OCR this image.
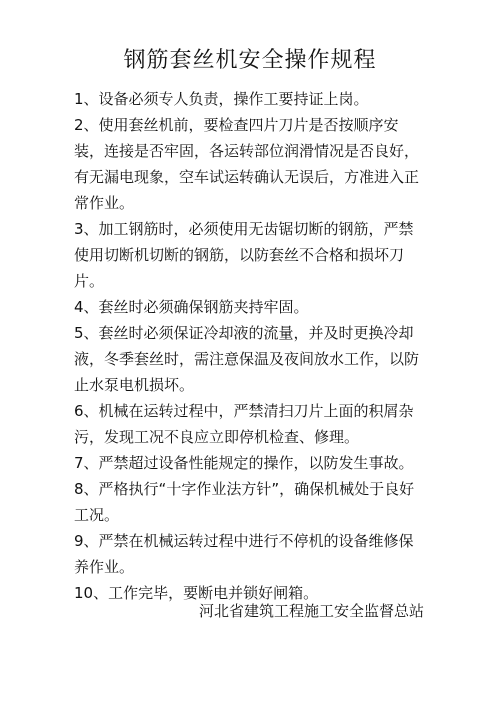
钢筋套丝机安全操作规程

1、设备必须专人负责，操作工要持证上岗。

2、使用套丝机前，要检查四片刀片是否按顺序安装，连接是否牢固，各运转部位润滑情况是否良好，有无漏电现象，空车试运转确认无误后，方准进入正常作业。

3、加工钢筋时，必须使用无齿锯切断的钢筋，严禁使用切断机切断的钢筋，以防套丝不合格和损坏刀片。

4、套丝时必须确保钢筋夹持牢固。

5、套丝时必须保证冷却液的流量，并及时更换冷却液，冬季套丝时，需注意保温及夜间放水工作，以防止水泵电机损坏。

6、机械在运转过程中，严禁清扫刀片上面的积屑杂污，发现工况不良应立即停机检查、修理。

7、严禁超过设备性能规定的操作，以防发生事故。

8、严格执行“十字作业法方针”，确保机械处于良好工况。

9、严禁在机械运转过程中进行不停机的设备维修保养作业。

10、工作完毕，要断电并锁好闸箱。

河北省建筑工程施工安全监督总站
